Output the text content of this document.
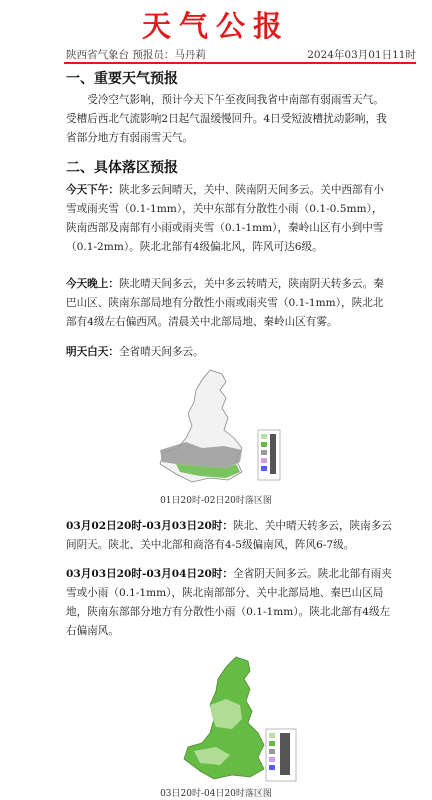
天气公报
陕西省气象台 预报员：马丹莉	2024年03月01日11时
一、重要天气预报
受冷空气影响，预计今天下午至夜间我省中南部有弱雨雪天气。受槽后西北气流影响2日起气温缓慢回升。4日受短波槽扰动影响，我省部分地方有弱雨雪天气。
二、具体落区预报
今天下午：陕北多云间晴天，关中、陕南阴天间多云。关中西部有小雪或雨夹雪（0.1-1mm），关中东部有分散性小雨（0.1-0.5mm），陕南西部及南部有小雨或雨夹雪（0.1-1mm），秦岭山区有小到中雪（0.1-2mm）。陕北北部有4级偏北风，阵风可达6级。
今天晚上：陕北晴天间多云，关中多云转晴天，陕南阴天转多云。秦巴山区、陕南东部局地有分散性小雨或雨夹雪（0.1-1mm），陕北北部有4级左右偏西风。清晨关中北部局地、秦岭山区有雾。
明天白天：全省晴天间多云。
01日20时-02日20时落区图
03月02日20时-03月03日20时：陕北、关中晴天转多云，陕南多云间阴天。陕北、关中北部和商洛有4-5级偏南风，阵风6-7级。
03月03日20时-03月04日20时：全省阴天间多云。陕北北部有雨夹雪或小雨（0.1-1mm），陕北南部部分、关中北部局地、秦巴山区局地，陕南东部部分地方有分散性小雨（0.1-1mm）。陕北北部有4级左右偏南风。
03日20时-04日20时落区图
